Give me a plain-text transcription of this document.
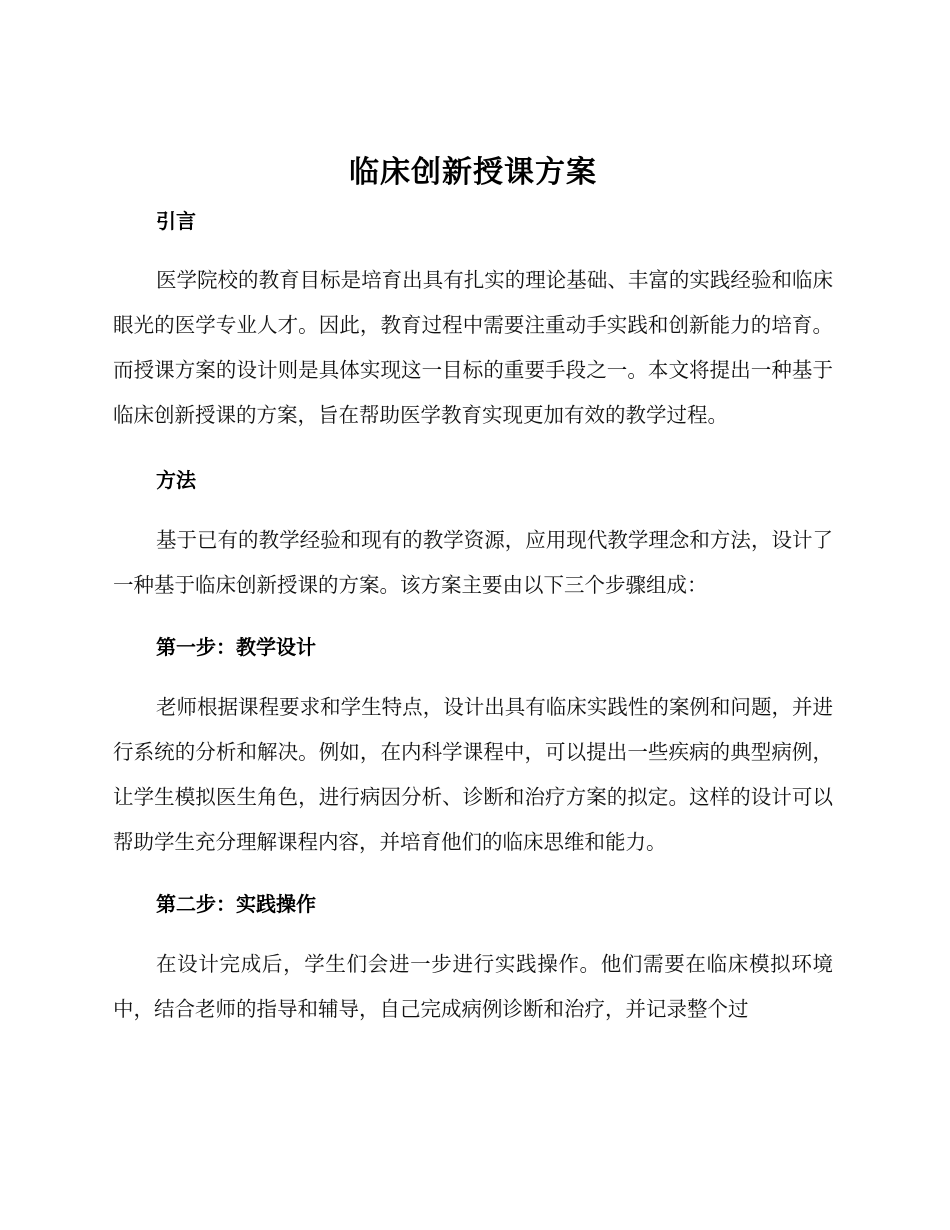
临床创新授课方案
引言

医学院校的教育目标是培育出具有扎实的理论基础、丰富的实践经验和临床眼光的医学专业人才。因此，教育过程中需要注重动手实践和创新能力的培育。而授课方案的设计则是具体实现这一目标的重要手段之一。本文将提出一种基于临床创新授课的方案，旨在帮助医学教育实现更加有效的教学过程。

方法

基于已有的教学经验和现有的教学资源，应用现代教学理念和方法，设计了一种基于临床创新授课的方案。该方案主要由以下三个步骤组成：

第一步：教学设计

老师根据课程要求和学生特点，设计出具有临床实践性的案例和问题，并进行系统的分析和解决。例如，在内科学课程中，可以提出一些疾病的典型病例，让学生模拟医生角色，进行病因分析、诊断和治疗方案的拟定。这样的设计可以帮助学生充分理解课程内容，并培育他们的临床思维和能力。

第二步：实践操作

在设计完成后，学生们会进一步进行实践操作。他们需要在临床模拟环境中，结合老师的指导和辅导，自己完成病例诊断和治疗，并记录整个过
